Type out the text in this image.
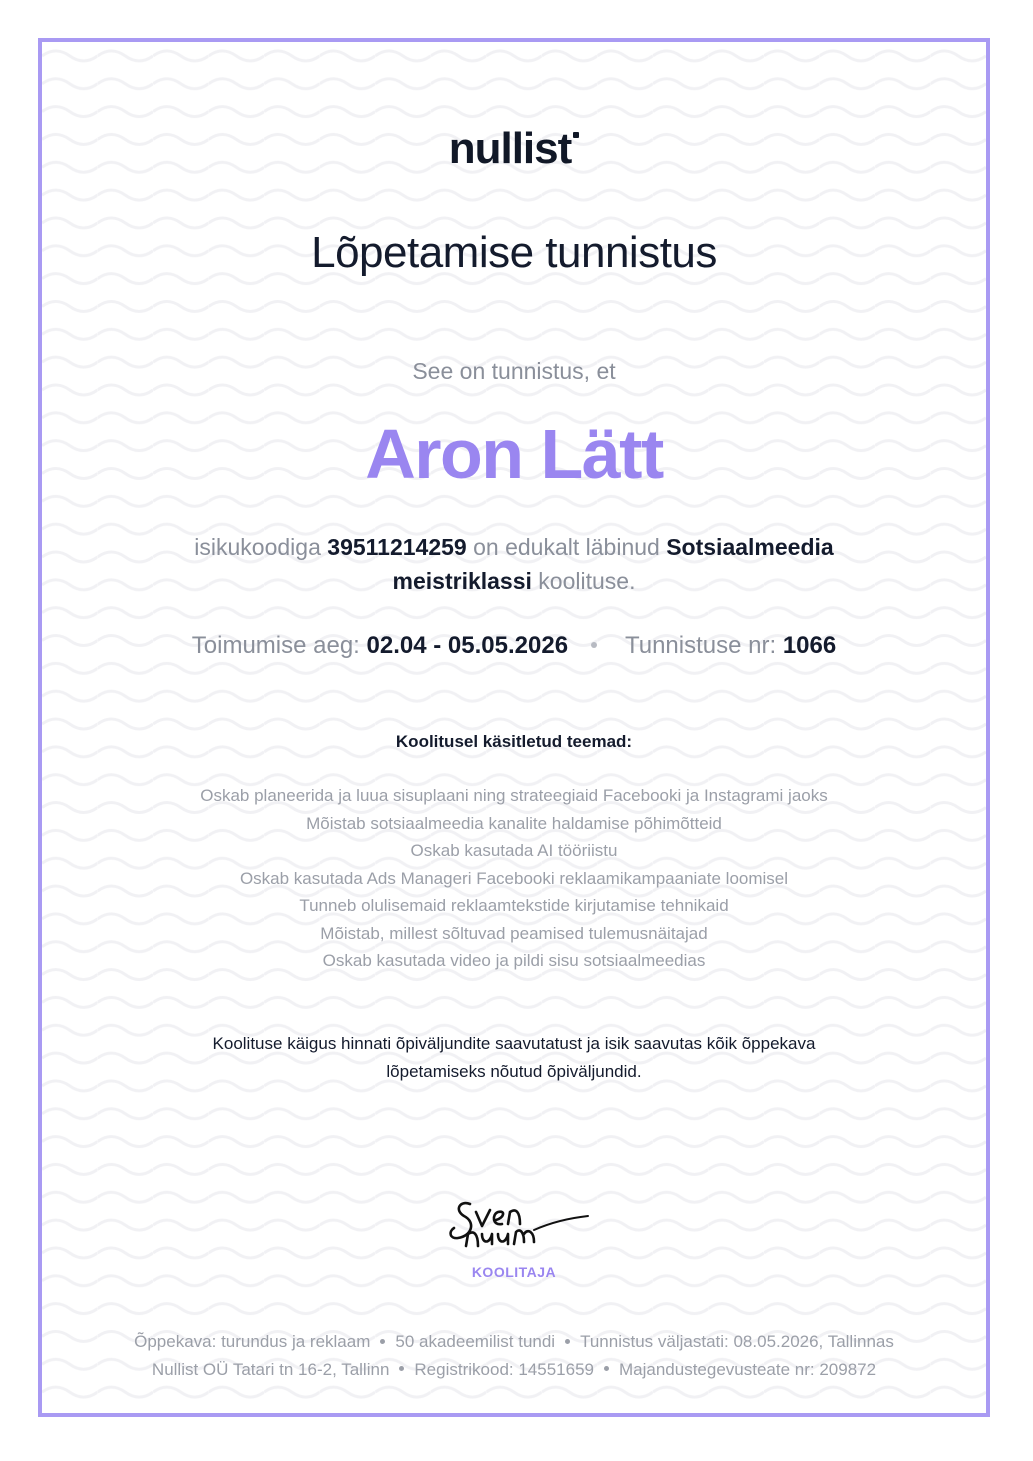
nullist
Lõpetamise tunnistus
See on tunnistus, et
Aron Lätt
isikukoodiga 39511214259 on edukalt läbinud Sotsiaalmeedia meistriklassi koolituse.
Toimumise aeg: 02.04 - 05.05.2026 Tunnistuse nr: 1066
Koolitusel käsitletud teemad:
Oskab planeerida ja luua sisuplaani ning strateegiaid Facebooki ja Instagrami jaoks
Mõistab sotsiaalmeedia kanalite haldamise põhimõtteid
Oskab kasutada AI tööriistu
Oskab kasutada Ads Manageri Facebooki reklaamikampaaniate loomisel
Tunneb olulisemaid reklaamtekstide kirjutamise tehnikaid
Mõistab, millest sõltuvad peamised tulemusnäitajad
Oskab kasutada video ja pildi sisu sotsiaalmeedias
Koolituse käigus hinnati õpiväljundite saavutatust ja isik saavutas kõik õppekava
lõpetamiseks nõutud õpiväljundid.
KOOLITAJA
Õppekava: turundus ja reklaam 50 akadeemilist tundi Tunnistus väljastati: 08.05.2026, Tallinnas
Nullist OÜ Tatari tn 16-2, Tallinn Registrikood: 14551659 Majandustegevusteate nr: 209872
